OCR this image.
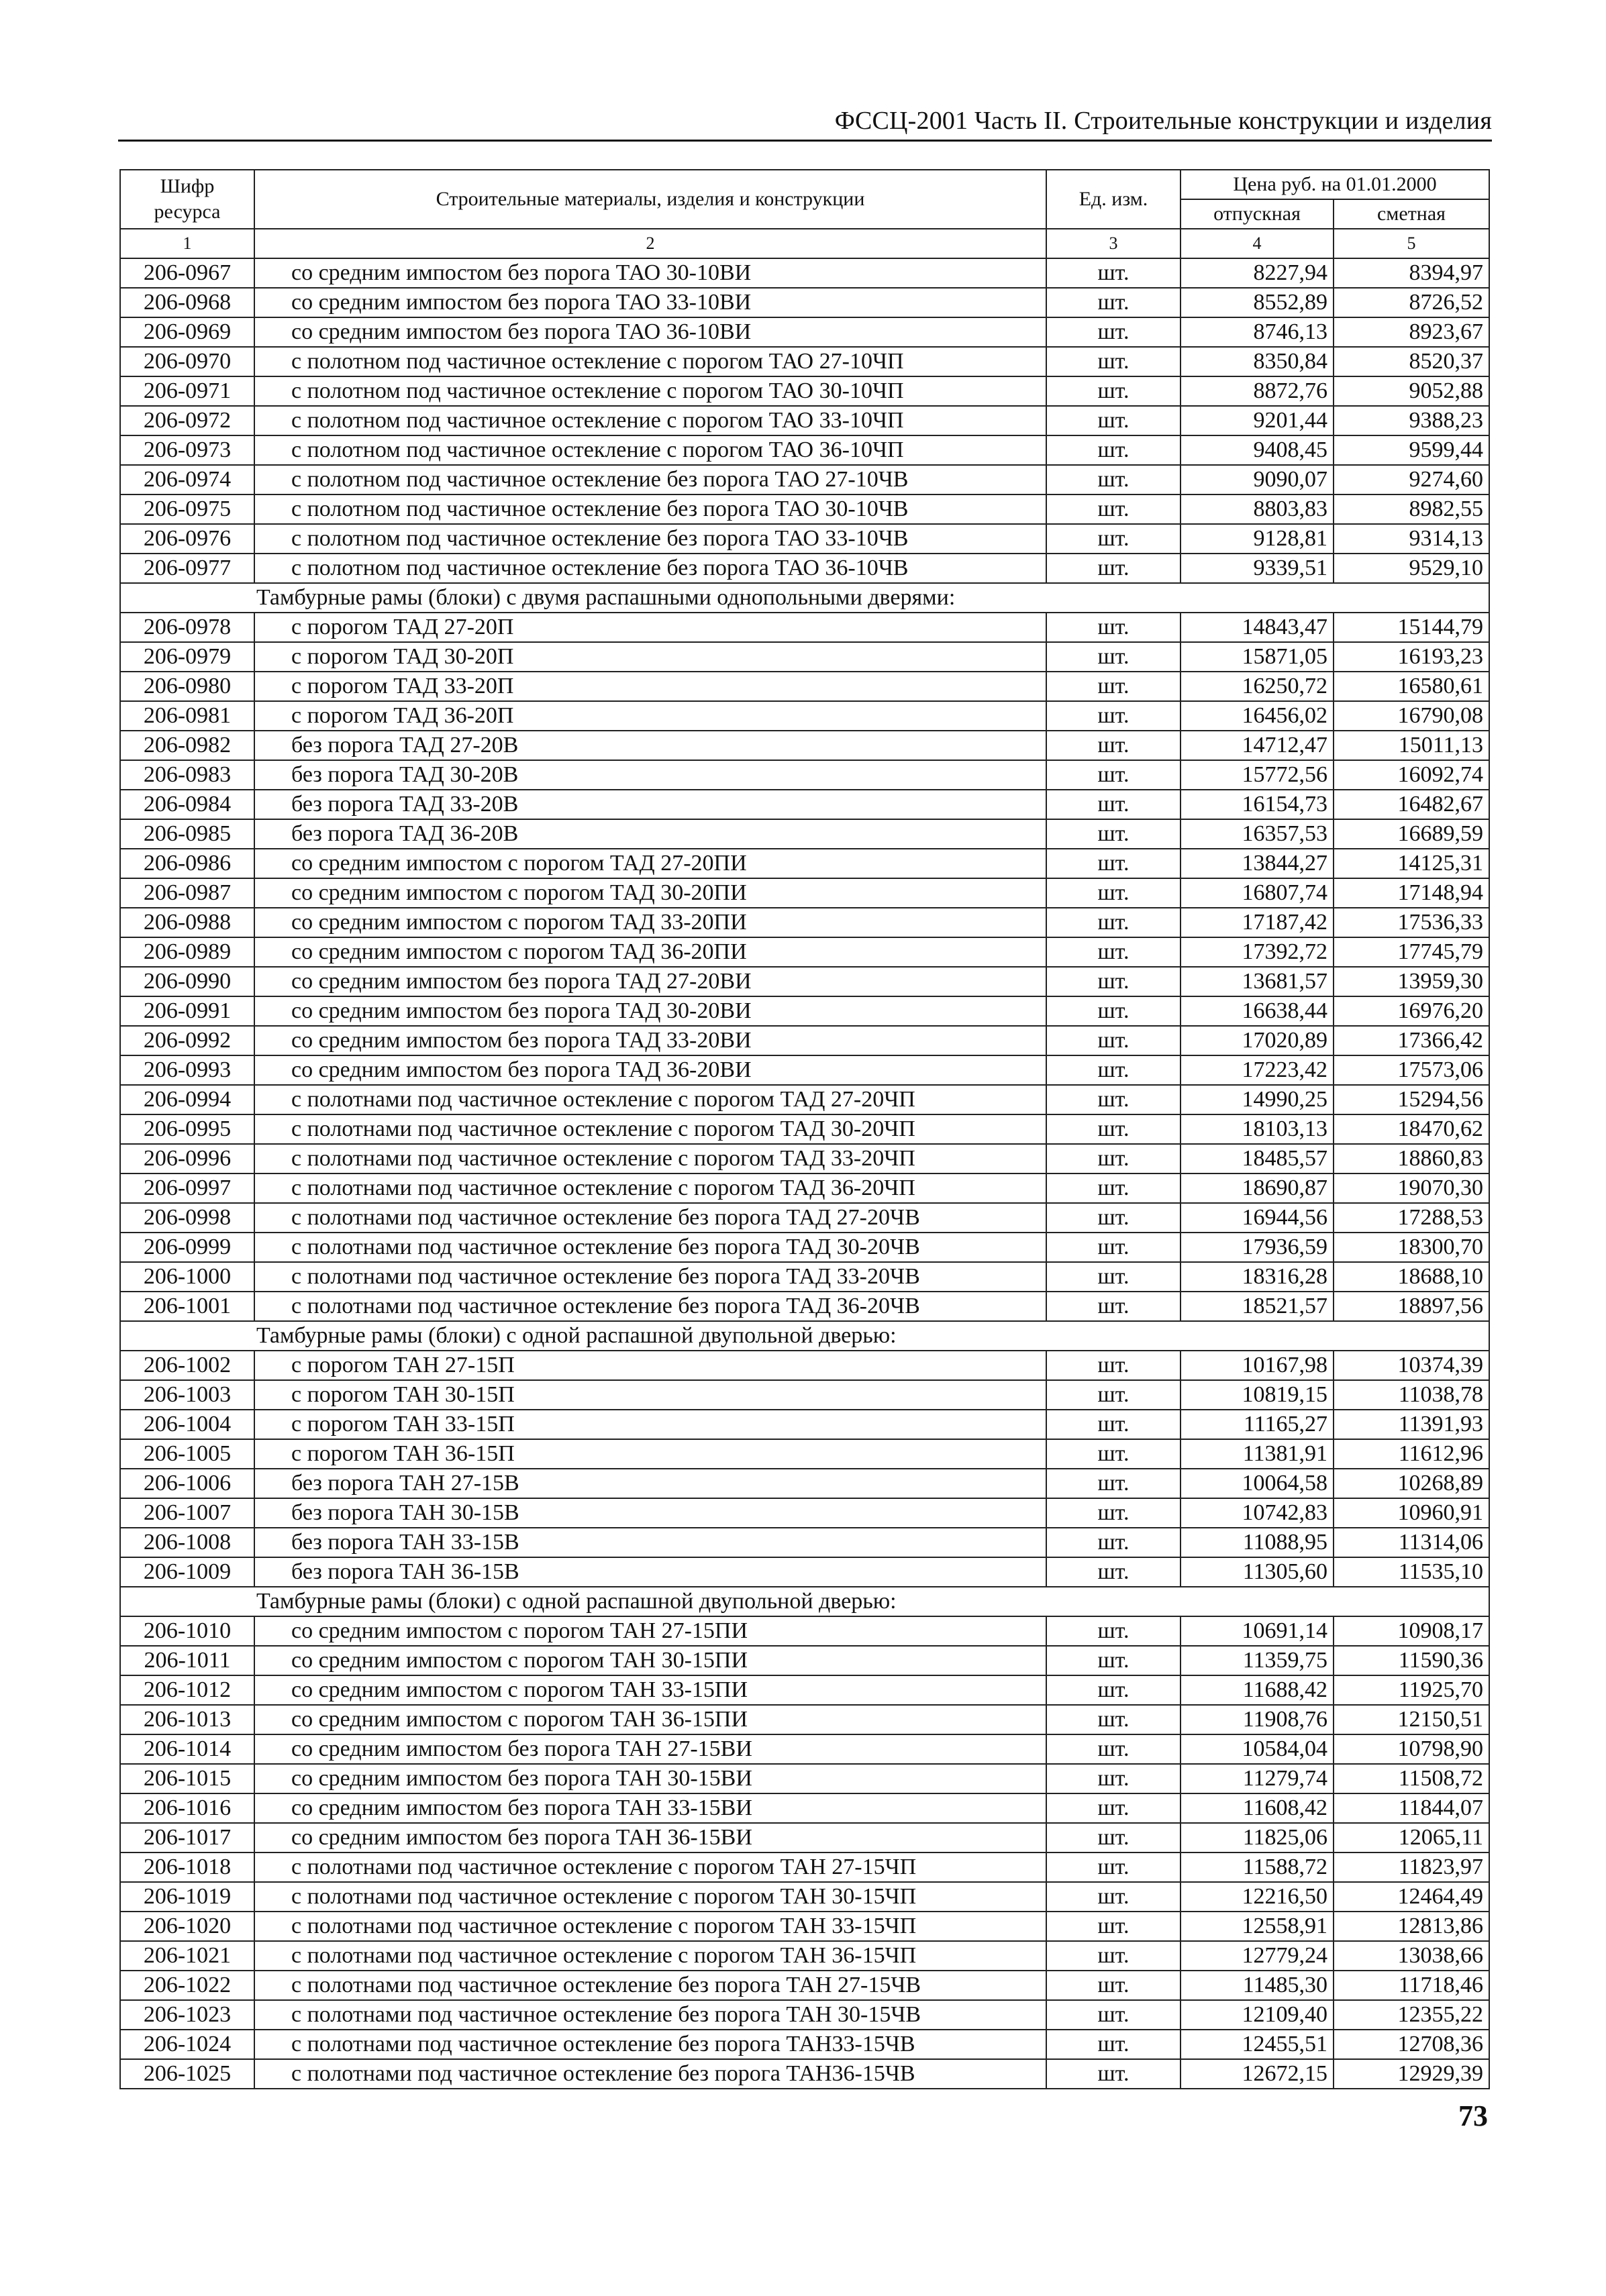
ФССЦ-2001 Часть II. Строительные конструкции и изделия
Шифр ресурса	Строительные материалы, изделия и конструкции	Ед. изм.	Цена руб. на 01.01.2000	
			отпускная	сметная
1	2	3	4	5

206-0967	со средним импостом без порога ТАО 30-10ВИ	шт.	8227,94	8394,97
206-0968	со средним импостом без порога ТАО 33-10ВИ	шт.	8552,89	8726,52
206-0969	со средним импостом без порога ТАО 36-10ВИ	шт.	8746,13	8923,67
206-0970	с полотном под частичное остекление с порогом ТАО 27-10ЧП	шт.	8350,84	8520,37
206-0971	с полотном под частичное остекление с порогом ТАО 30-10ЧП	шт.	8872,76	9052,88
206-0972	с полотном под частичное остекление с порогом ТАО 33-10ЧП	шт.	9201,44	9388,23
206-0973	с полотном под частичное остекление с порогом ТАО 36-10ЧП	шт.	9408,45	9599,44
206-0974	с полотном под частичное остекление без порога ТАО 27-10ЧВ	шт.	9090,07	9274,60
206-0975	с полотном под частичное остекление без порога ТАО 30-10ЧВ	шт.	8803,83	8982,55
206-0976	с полотном под частичное остекление без порога ТАО 33-10ЧВ	шт.	9128,81	9314,13
206-0977	с полотном под частичное остекление без порога ТАО 36-10ЧВ	шт.	9339,51	9529,10
Тамбурные рамы (блоки) с двумя распашными однопольными дверями:				
206-0978	с порогом ТАД 27-20П	шт.	14843,47	15144,79
206-0979	с порогом ТАД 30-20П	шт.	15871,05	16193,23
206-0980	с порогом ТАД 33-20П	шт.	16250,72	16580,61
206-0981	с порогом ТАД 36-20П	шт.	16456,02	16790,08
206-0982	без порога ТАД 27-20В	шт.	14712,47	15011,13
206-0983	без порога ТАД 30-20В	шт.	15772,56	16092,74
206-0984	без порога ТАД 33-20В	шт.	16154,73	16482,67
206-0985	без порога ТАД 36-20В	шт.	16357,53	16689,59
206-0986	со средним импостом с порогом ТАД 27-20ПИ	шт.	13844,27	14125,31
206-0987	со средним импостом с порогом ТАД 30-20ПИ	шт.	16807,74	17148,94
206-0988	со средним импостом с порогом ТАД 33-20ПИ	шт.	17187,42	17536,33
206-0989	со средним импостом с порогом ТАД 36-20ПИ	шт.	17392,72	17745,79
206-0990	со средним импостом без порога ТАД 27-20ВИ	шт.	13681,57	13959,30
206-0991	со средним импостом без порога ТАД 30-20ВИ	шт.	16638,44	16976,20
206-0992	со средним импостом без порога ТАД 33-20ВИ	шт.	17020,89	17366,42
206-0993	со средним импостом без порога ТАД 36-20ВИ	шт.	17223,42	17573,06
206-0994	с полотнами под частичное остекление с порогом ТАД 27-20ЧП	шт.	14990,25	15294,56
206-0995	с полотнами под частичное остекление с порогом ТАД 30-20ЧП	шт.	18103,13	18470,62
206-0996	с полотнами под частичное остекление с порогом ТАД 33-20ЧП	шт.	18485,57	18860,83
206-0997	с полотнами под частичное остекление с порогом ТАД 36-20ЧП	шт.	18690,87	19070,30
206-0998	с полотнами под частичное остекление без порога ТАД 27-20ЧВ	шт.	16944,56	17288,53
206-0999	с полотнами под частичное остекление без порога ТАД 30-20ЧВ	шт.	17936,59	18300,70
206-1000	с полотнами под частичное остекление без порога ТАД 33-20ЧВ	шт.	18316,28	18688,10
206-1001	с полотнами под частичное остекление без порога ТАД 36-20ЧВ	шт.	18521,57	18897,56
Тамбурные рамы (блоки) с одной распашной двупольной дверью:				
206-1002	с порогом ТАН 27-15П	шт.	10167,98	10374,39
206-1003	с порогом ТАН 30-15П	шт.	10819,15	11038,78
206-1004	с порогом ТАН 33-15П	шт.	11165,27	11391,93
206-1005	с порогом ТАН 36-15П	шт.	11381,91	11612,96
206-1006	без порога ТАН 27-15В	шт.	10064,58	10268,89
206-1007	без порога ТАН 30-15В	шт.	10742,83	10960,91
206-1008	без порога ТАН 33-15В	шт.	11088,95	11314,06
206-1009	без порога ТАН 36-15В	шт.	11305,60	11535,10
Тамбурные рамы (блоки) с одной распашной двупольной дверью:				
206-1010	со средним импостом с порогом ТАН 27-15ПИ	шт.	10691,14	10908,17
206-1011	со средним импостом с порогом ТАН 30-15ПИ	шт.	11359,75	11590,36
206-1012	со средним импостом с порогом ТАН 33-15ПИ	шт.	11688,42	11925,70
206-1013	со средним импостом с порогом ТАН 36-15ПИ	шт.	11908,76	12150,51
206-1014	со средним импостом без порога ТАН 27-15ВИ	шт.	10584,04	10798,90
206-1015	со средним импостом без порога ТАН 30-15ВИ	шт.	11279,74	11508,72
206-1016	со средним импостом без порога ТАН 33-15ВИ	шт.	11608,42	11844,07
206-1017	со средним импостом без порога ТАН 36-15ВИ	шт.	11825,06	12065,11
206-1018	с полотнами под частичное остекление с порогом ТАН 27-15ЧП	шт.	11588,72	11823,97
206-1019	с полотнами под частичное остекление с порогом ТАН 30-15ЧП	шт.	12216,50	12464,49
206-1020	с полотнами под частичное остекление с порогом ТАН 33-15ЧП	шт.	12558,91	12813,86
206-1021	с полотнами под частичное остекление с порогом ТАН 36-15ЧП	шт.	12779,24	13038,66
206-1022	с полотнами под частичное остекление без порога ТАН 27-15ЧВ	шт.	11485,30	11718,46
206-1023	с полотнами под частичное остекление без порога ТАН 30-15ЧВ	шт.	12109,40	12355,22
206-1024	с полотнами под частичное остекление без порога ТАН33-15ЧВ	шт.	12455,51	12708,36
206-1025	с полотнами под частичное остекление без порога ТАН36-15ЧВ	шт.	12672,15	12929,39
73
